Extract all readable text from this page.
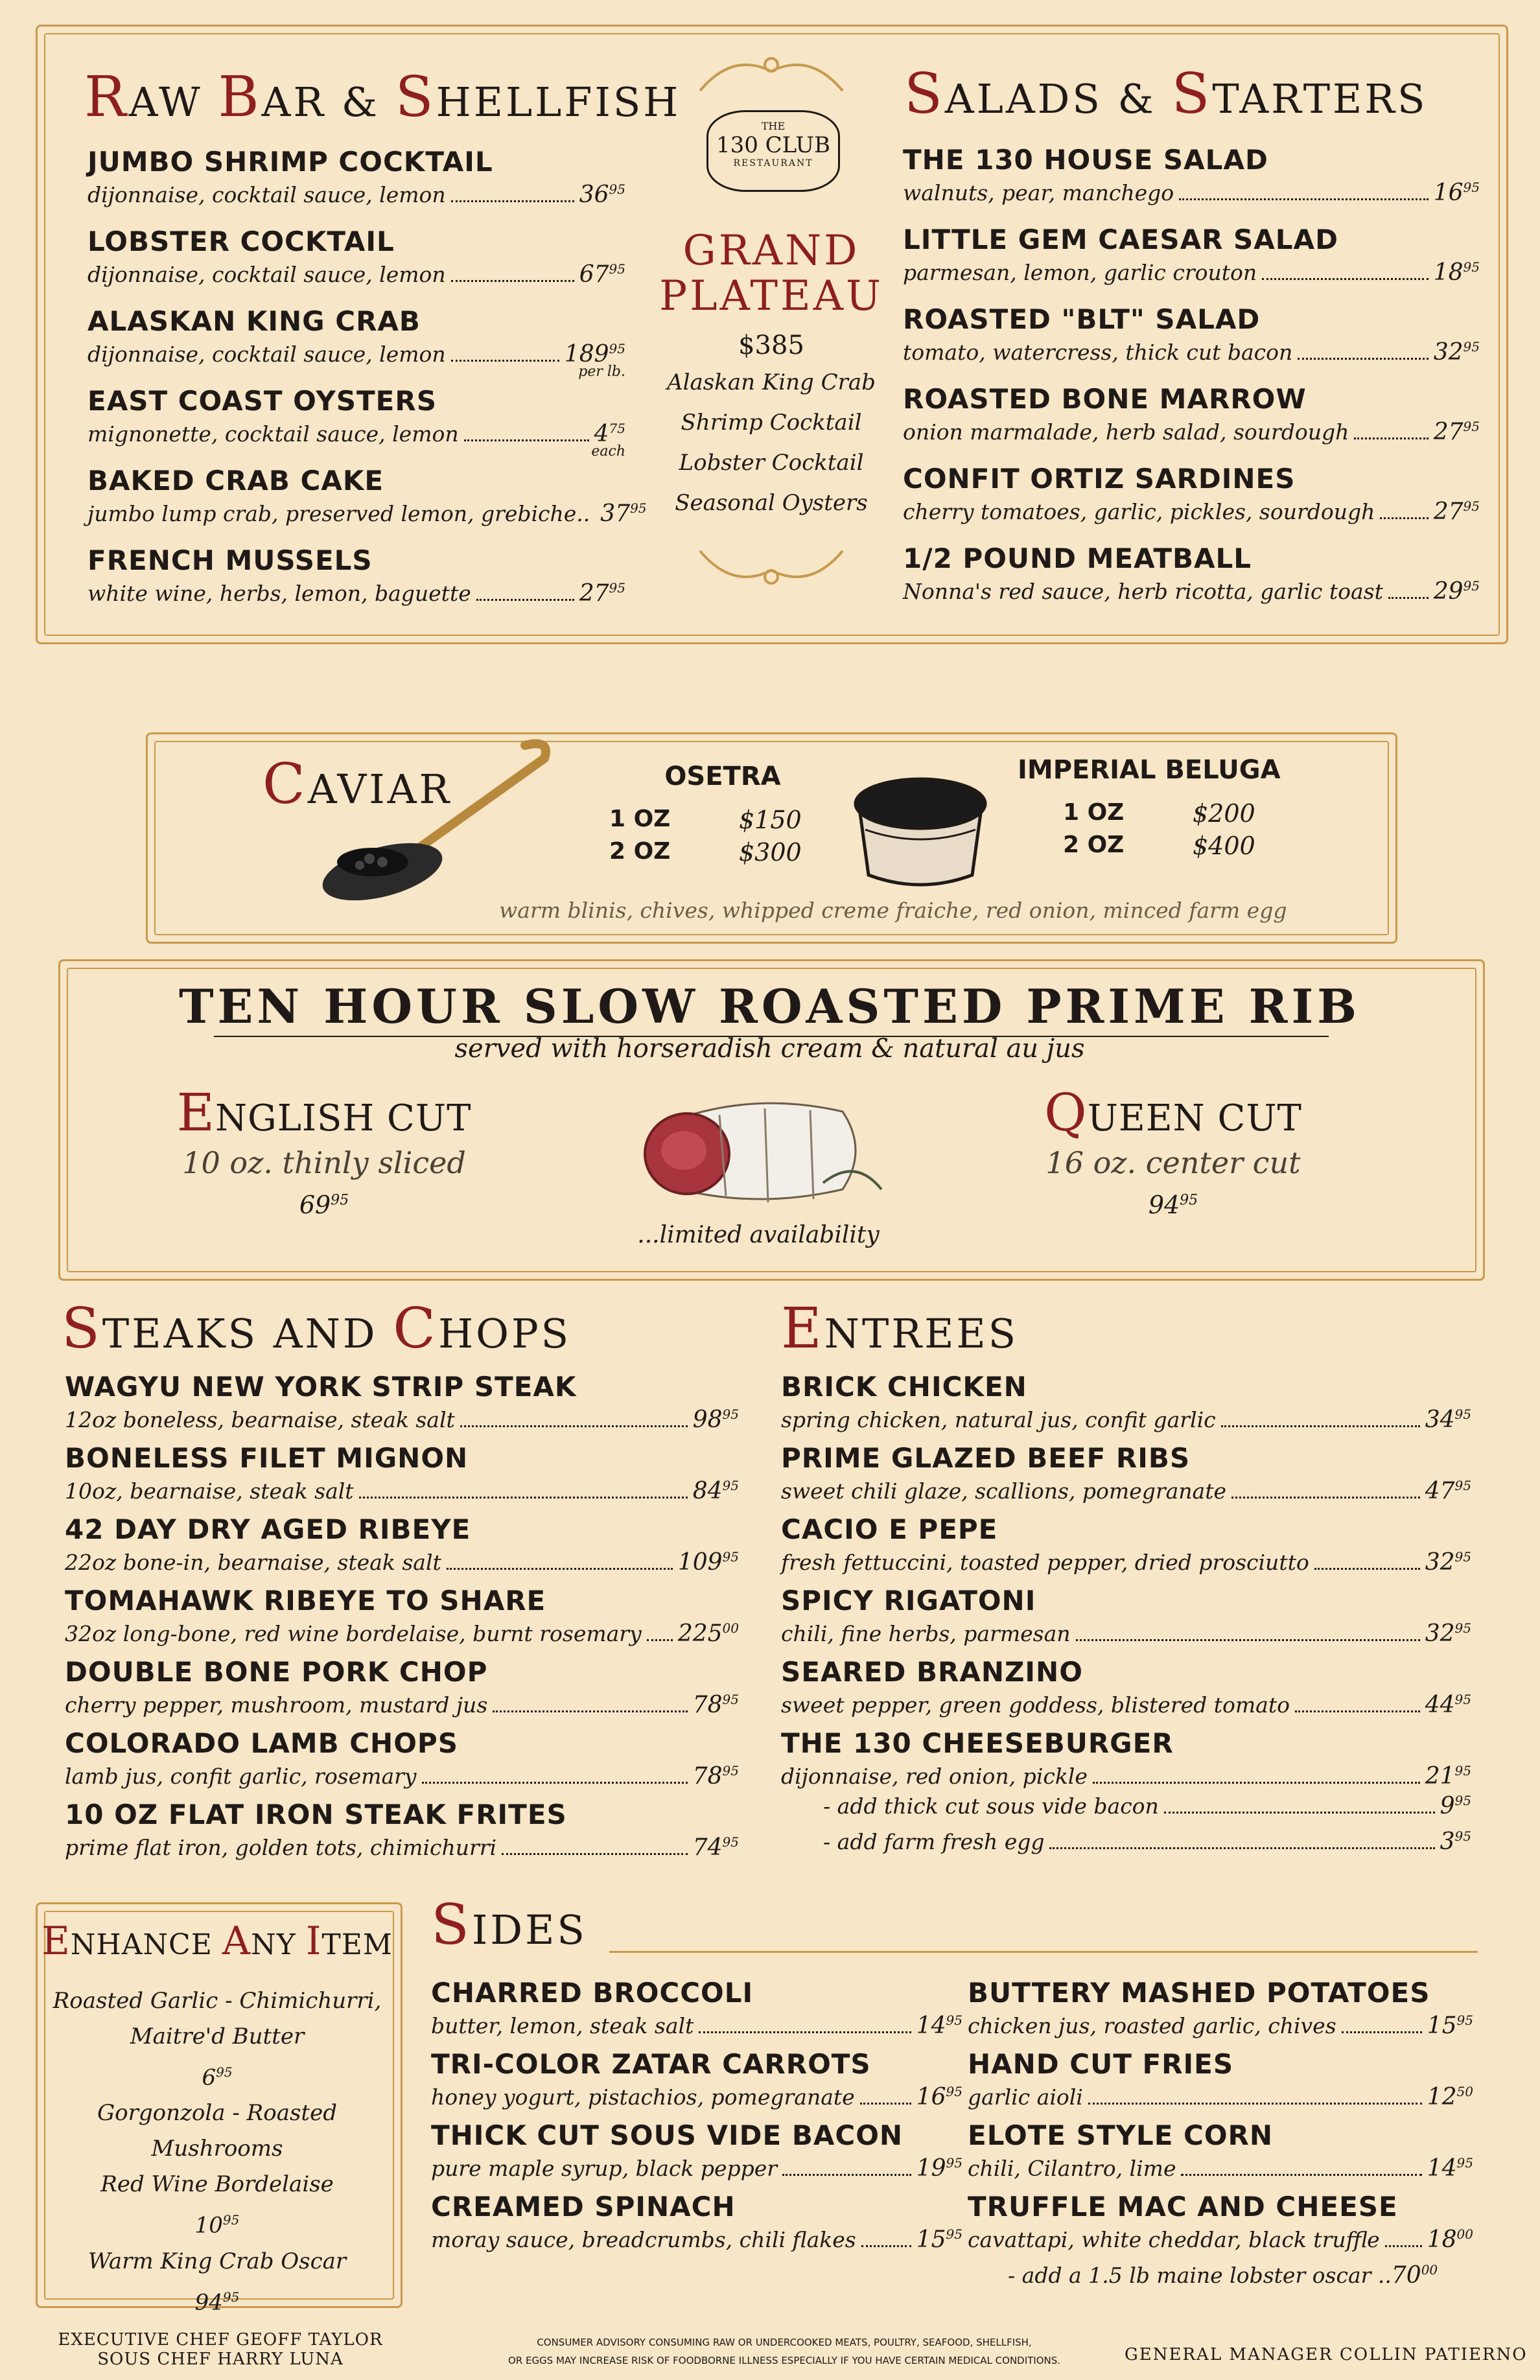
RAW BAR & SHELLFISH
JUMBO SHRIMP COCKTAIL
dijonnaise, cocktail sauce, lemon	$36^{95}$
LOBSTER COCKTAIL
dijonnaise, cocktail sauce, lemon	$67^{95}$
ALASKAN KING CRAB
dijonnaise, cocktail sauce, lemon	$189^{95}$
per lb.
EAST COAST OYSTERS
mignonette, cocktail sauce, lemon	$4^{75}$
each
BAKED CRAB CAKE
jumbo lump crab, preserved lemon, grebiche.. $37^{95}$
FRENCH MUSSELS
white wine, herbs, lemon, baguette	$27^{95}$
THE
130 CLUB
RESTAURANT
GRAND
PLATEAU
$385
Alaskan King Crab
Shrimp Cocktail
Lobster Cocktail
Seasonal Oysters
SALADS & STARTERS
THE 130 HOUSE SALAD
walnuts, pear, manchego	$16^{95}$
LITTLE GEM CAESAR SALAD
parmesan, lemon, garlic crouton	$18^{95}$
ROASTED "BLT" SALAD
tomato, watercress, thick cut bacon	$32^{95}$
ROASTED BONE MARROW
onion marmalade, herb salad, sourdough	$27^{95}$
CONFIT ORTIZ SARDINES
cherry tomatoes, garlic, pickles, sourdough	$27^{95}$
1/2 POUND MEATBALL
Nonna's red sauce, herb ricotta, garlic toast $29^{95}$
CAVIAR	OSETRA
1 OZ	$150
2 OZ	$300
IMPERIAL BELUGA
1 OZ	$200
2 OZ	$400
warm blinis, chives, whipped creme fraiche, red onion, minced farm egg
TEN HOUR SLOW ROASTED PRIME RIB
served with horseradish cream & natural au jus
ENGLISH CUT
10 oz. thinly sliced
$69^{95}$
...limited availability
QUEEN CUT
16 oz. center cut
$94^{95}$
STEAKS AND CHOPS
WAGYU NEW YORK STRIP STEAK
12oz boneless, bearnaise, steak salt	$98^{95}$
BONELESS FILET MIGNON
10oz, bearnaise, steak salt	$84^{95}$
42 DAY DRY AGED RIBEYE
22oz bone-in, bearnaise, steak salt	$109^{95}$
TOMAHAWK RIBEYE TO SHARE
32oz long-bone, red wine bordelaise, burnt rosemary $225^{00}$
DOUBLE BONE PORK CHOP
cherry pepper, mushroom, mustard jus	$78^{95}$
COLORADO LAMB CHOPS
lamb jus, confit garlic, rosemary	$78^{95}$
10 OZ FLAT IRON STEAK FRITES
prime flat iron, golden tots, chimichurri	$74^{95}$
ENTREES
BRICK CHICKEN
spring chicken, natural jus, confit garlic	$34^{95}$
PRIME GLAZED BEEF RIBS
sweet chili glaze, scallions, pomegranate	$47^{95}$
CACIO E PEPE
fresh fettuccini, toasted pepper, dried prosciutto	$32^{95}$
SPICY RIGATONI
chili, fine herbs, parmesan	$32^{95}$
SEARED BRANZINO
sweet pepper, green goddess, blistered tomato	$44^{95}$
THE 130 CHEESEBURGER
dijonnaise, red onion, pickle	$21^{95}$
- add thick cut sous vide bacon	$9^{95}$
- add farm fresh egg	$3^{95}$
ENHANCE ANY ITEM
Roasted Garlic - Chimichurri,
Maitre'd Butter
$6^{95}$
Gorgonzola - Roasted Mushrooms
Red Wine Bordelaise
$10^{95}$
Warm King Crab Oscar
$94^{95}$
SIDES
CHARRED BROCCOLI
butter, lemon, steak salt	$14^{95}$
TRI-COLOR ZATAR CARROTS
honey yogurt, pistachios, pomegranate	$16^{95}$
THICK CUT SOUS VIDE BACON
pure maple syrup, black pepper	$19^{95}$
CREAMED SPINACH
moray sauce, breadcrumbs, chili flakes	$15^{95}$
BUTTERY MASHED POTATOES
chicken jus, roasted garlic, chives	$15^{95}$
HAND CUT FRIES
garlic aioli	$12^{50}$
ELOTE STYLE CORN
chili, Cilantro, lime	$14^{95}$
TRUFFLE MAC AND CHEESE
cavattapi, white cheddar, black truffle $18^{00}$
- add a 1.5 lb maine lobster oscar .. $70^{00}$
EXECUTIVE CHEF GEOFF TAYLOR
SOUS CHEF HARRY LUNA
CONSUMER ADVISORY CONSUMING RAW OR UNDERCOOKED MEATS, POULTRY, SEAFOOD, SHELLFISH,
OR EGGS MAY INCREASE RISK OF FOODBORNE ILLNESS ESPECIALLY IF YOU HAVE CERTAIN MEDICAL CONDITIONS.	GENERAL MANAGER COLLIN PATIERNO
